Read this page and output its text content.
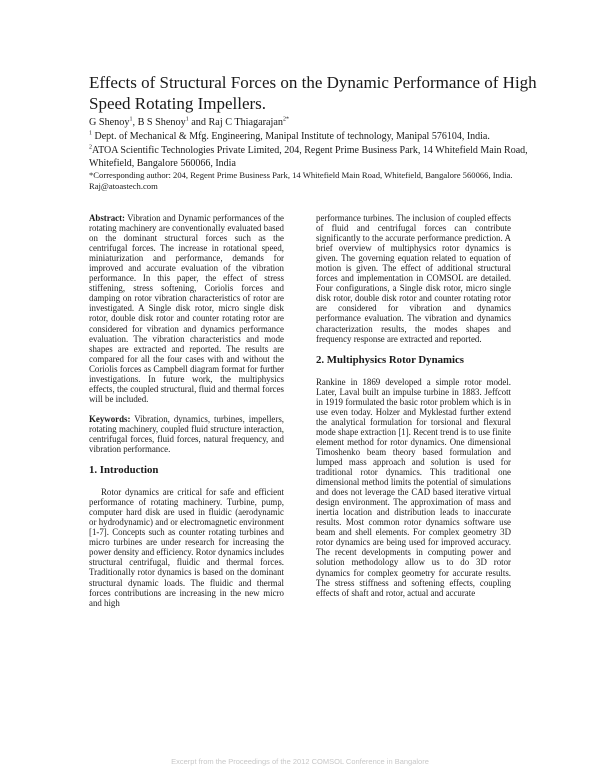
Effects of Structural Forces on the Dynamic Performance of High Speed Rotating Impellers.
G Shenoy$^1$, B S Shenoy$^1$ and Raj C Thiagarajan$^{2*}$
$^1$ Dept. of Mechanical & Mfg. Engineering, Manipal Institute of technology, Manipal 576104, India.
$^2$ATOA Scientific Technologies Private Limited, 204, Regent Prime Business Park, 14 Whitefield Main Road, Whitefield, Bangalore 560066, India
*Corresponding author: 204, Regent Prime Business Park, 14 Whitefield Main Road, Whitefield, Bangalore 560066, India. Raj@atoastech.com

Abstract: Vibration and Dynamic performances of the rotating machinery are conventionally evaluated based on the dominant structural forces such as the centrifugal forces. The increase in rotational speed, miniaturization and performance, demands for improved and accurate evaluation of the vibration performance. In this paper, the effect of stress stiffening, stress softening, Coriolis forces and damping on rotor vibration characteristics of rotor are investigated. A Single disk rotor, micro single disk rotor, double disk rotor and counter rotating rotor are considered for vibration and dynamics performance evaluation. The vibration characteristics and mode shapes are extracted and reported. The results are compared for all the four cases with and without the Coriolis forces as Campbell diagram format for further investigations. In future work, the multiphysics effects, the coupled structural, fluid and thermal forces will be included.

Keywords: Vibration, dynamics, turbines, impellers, rotating machinery, coupled fluid structure interaction, centrifugal forces, fluid forces, natural frequency, and vibration performance.

1. Introduction

Rotor dynamics are critical for safe and efficient performance of rotating machinery. Turbine, pump, computer hard disk are used in fluidic (aerodynamic or hydrodynamic) and or electromagnetic environment [1-7]. Concepts such as counter rotating turbines and micro turbines are under research for increasing the power density and efficiency. Rotor dynamics includes structural centrifugal, fluidic and thermal forces. Traditionally rotor dynamics is based on the dominant structural dynamic loads. The fluidic and thermal forces contributions are increasing in the new micro and high

performance turbines. The inclusion of coupled effects of fluid and centrifugal forces can contribute significantly to the accurate performance prediction. A brief overview of multiphysics rotor dynamics is given. The governing equation related to equation of motion is given. The effect of additional structural forces and implementation in COMSOL are detailed. Four configurations, a Single disk rotor, micro single disk rotor, double disk rotor and counter rotating rotor are considered for vibration and dynamics performance evaluation. The vibration and dynamics characterization results, the modes shapes and frequency response are extracted and reported.

2. Multiphysics Rotor Dynamics

Rankine in 1869 developed a simple rotor model. Later, Laval built an impulse turbine in 1883. Jeffcott in 1919 formulated the basic rotor problem which is in use even today. Holzer and Myklestad further extend the analytical formulation for torsional and flexural mode shape extraction [1]. Recent trend is to use finite element method for rotor dynamics. One dimensional Timoshenko beam theory based formulation and lumped mass approach and solution is used for traditional rotor dynamics. This traditional one dimensional method limits the potential of simulations and does not leverage the CAD based iterative virtual design environment. The approximation of mass and inertia location and distribution leads to inaccurate results. Most common rotor dynamics software use beam and shell elements. For complex geometry 3D rotor dynamics are being used for improved accuracy. The recent developments in computing power and solution methodology allow us to do 3D rotor dynamics for complex geometry for accurate results. The stress stiffness and softening effects, coupling effects of shaft and rotor, actual and accurate

Excerpt from the Proceedings of the 2012 COMSOL Conference in Bangalore
